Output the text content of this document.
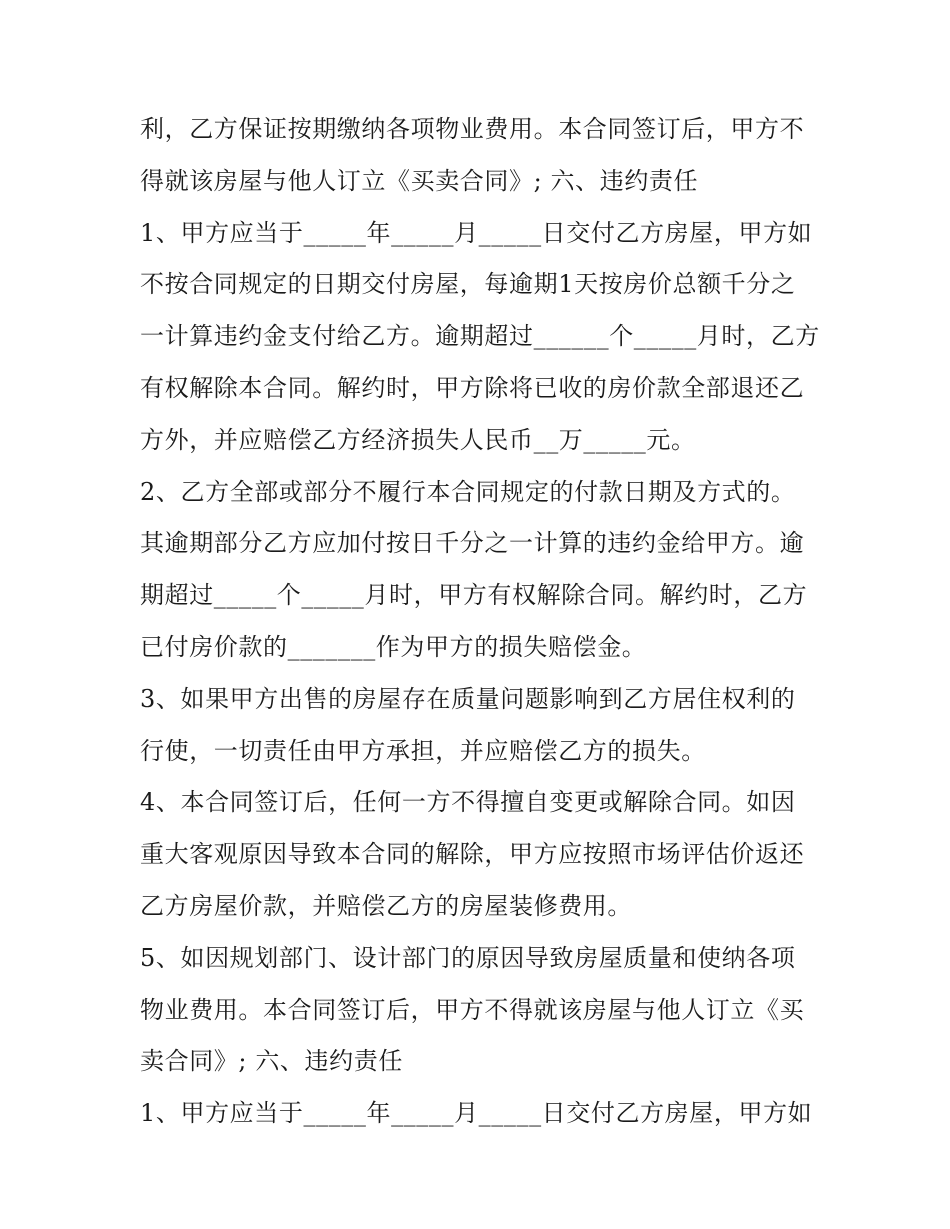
利，乙方保证按期缴纳各项物业费用。本合同签订后，甲方不
得就该房屋与他人订立《买卖合同》; 六、违约责任
1、甲方应当于_____年_____月_____日交付乙方房屋，甲方如
不按合同规定的日期交付房屋，每逾期1天按房价总额千分之
一计算违约金支付给乙方。逾期超过______个_____月时，乙方
有权解除本合同。解约时，甲方除将已收的房价款全部退还乙
方外，并应赔偿乙方经济损失人民币__万_____元。
2、乙方全部或部分不履行本合同规定的付款日期及方式的。
其逾期部分乙方应加付按日千分之一计算的违约金给甲方。逾
期超过_____个_____月时，甲方有权解除合同。解约时，乙方
已付房价款的_______作为甲方的损失赔偿金。
3、如果甲方出售的房屋存在质量问题影响到乙方居住权利的
行使，一切责任由甲方承担，并应赔偿乙方的损失。
4、本合同签订后，任何一方不得擅自变更或解除合同。如因
重大客观原因导致本合同的解除，甲方应按照市场评估价返还
乙方房屋价款，并赔偿乙方的房屋装修费用。
5、如因规划部门、设计部门的原因导致房屋质量和使纳各项
物业费用。本合同签订后，甲方不得就该房屋与他人订立《买
卖合同》; 六、违约责任
1、甲方应当于_____年_____月_____日交付乙方房屋，甲方如
